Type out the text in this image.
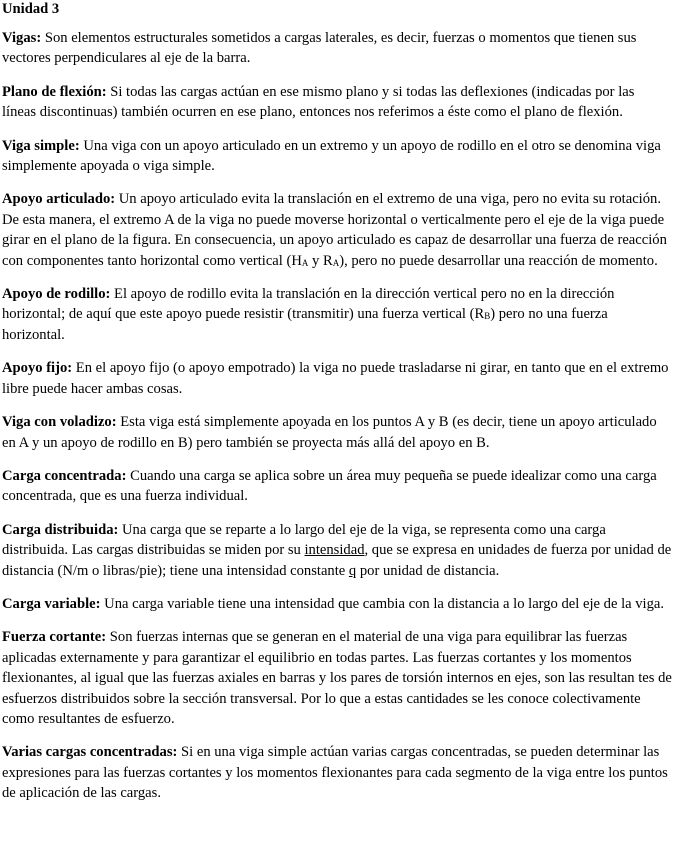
Unidad 3

Vigas: Son elementos estructurales sometidos a cargas laterales, es decir, fuerzas o momentos que tienen sus vectores perpendiculares al eje de la barra.

Plano de flexión: Si todas las cargas actúan en ese mismo plano y si todas las deflexiones (indicadas por las líneas discontinuas) también ocurren en ese plano, entonces nos referimos a éste como el plano de flexión.

Viga simple: Una viga con un apoyo articulado en un extremo y un apoyo de rodillo en el otro se denomina viga simplemente apoyada o viga simple.

Apoyo articulado: Un apoyo articulado evita la translación en el extremo de una viga, pero no evita su rotación. De esta manera, el extremo A de la viga no puede moverse horizontal o verticalmente pero el eje de la viga puede girar en el plano de la figura. En consecuencia, un apoyo articulado es capaz de desarrollar una fuerza de reacción con componentes tanto horizontal como vertical ($H_A$ y $R_A$), pero no puede desarrollar una reacción de momento.

Apoyo de rodillo: El apoyo de rodillo evita la translación en la dirección vertical pero no en la dirección horizontal; de aquí que este apoyo puede resistir (transmitir) una fuerza vertical $(R_B)$ pero no una fuerza horizontal.

Apoyo fijo: En el apoyo fijo (o apoyo empotrado) la viga no puede trasladarse ni girar, en tanto que en el extremo libre puede hacer ambas cosas.

Viga con voladizo: Esta viga está simplemente apoyada en los puntos A y B (es decir, tiene un apoyo articulado en A y un apoyo de rodillo en B) pero también se proyecta más allá del apoyo en B.

Carga concentrada: Cuando una carga se aplica sobre un área muy pequeña se puede idealizar como una carga concentrada, que es una fuerza individual.

Carga distribuida: Una carga que se reparte a lo largo del eje de la viga, se representa como una carga distribuida. Las cargas distribuidas se miden por su intensidad, que se expresa en unidades de fuerza por unidad de distancia (N/m o libras/pie); tiene una intensidad constante q por unidad de distancia.

Carga variable: Una carga variable tiene una intensidad que cambia con la distancia a lo largo del eje de la viga.

Fuerza cortante: Son fuerzas internas que se generan en el material de una viga para equilibrar las fuerzas aplicadas externamente y para garantizar el equilibrio en todas partes. Las fuerzas cortantes y los momentos flexionantes, al igual que las fuerzas axiales en barras y los pares de torsión internos en ejes, son las resultan tes de esfuerzos distribuidos sobre la sección transversal. Por lo que a estas cantidades se les conoce colectivamente como resultantes de esfuerzo.

Varias cargas concentradas: Si en una viga simple actúan varias cargas concentradas, se pueden determinar las expresiones para las fuerzas cortantes y los momentos flexionantes para cada segmento de la viga entre los puntos de aplicación de las cargas.
